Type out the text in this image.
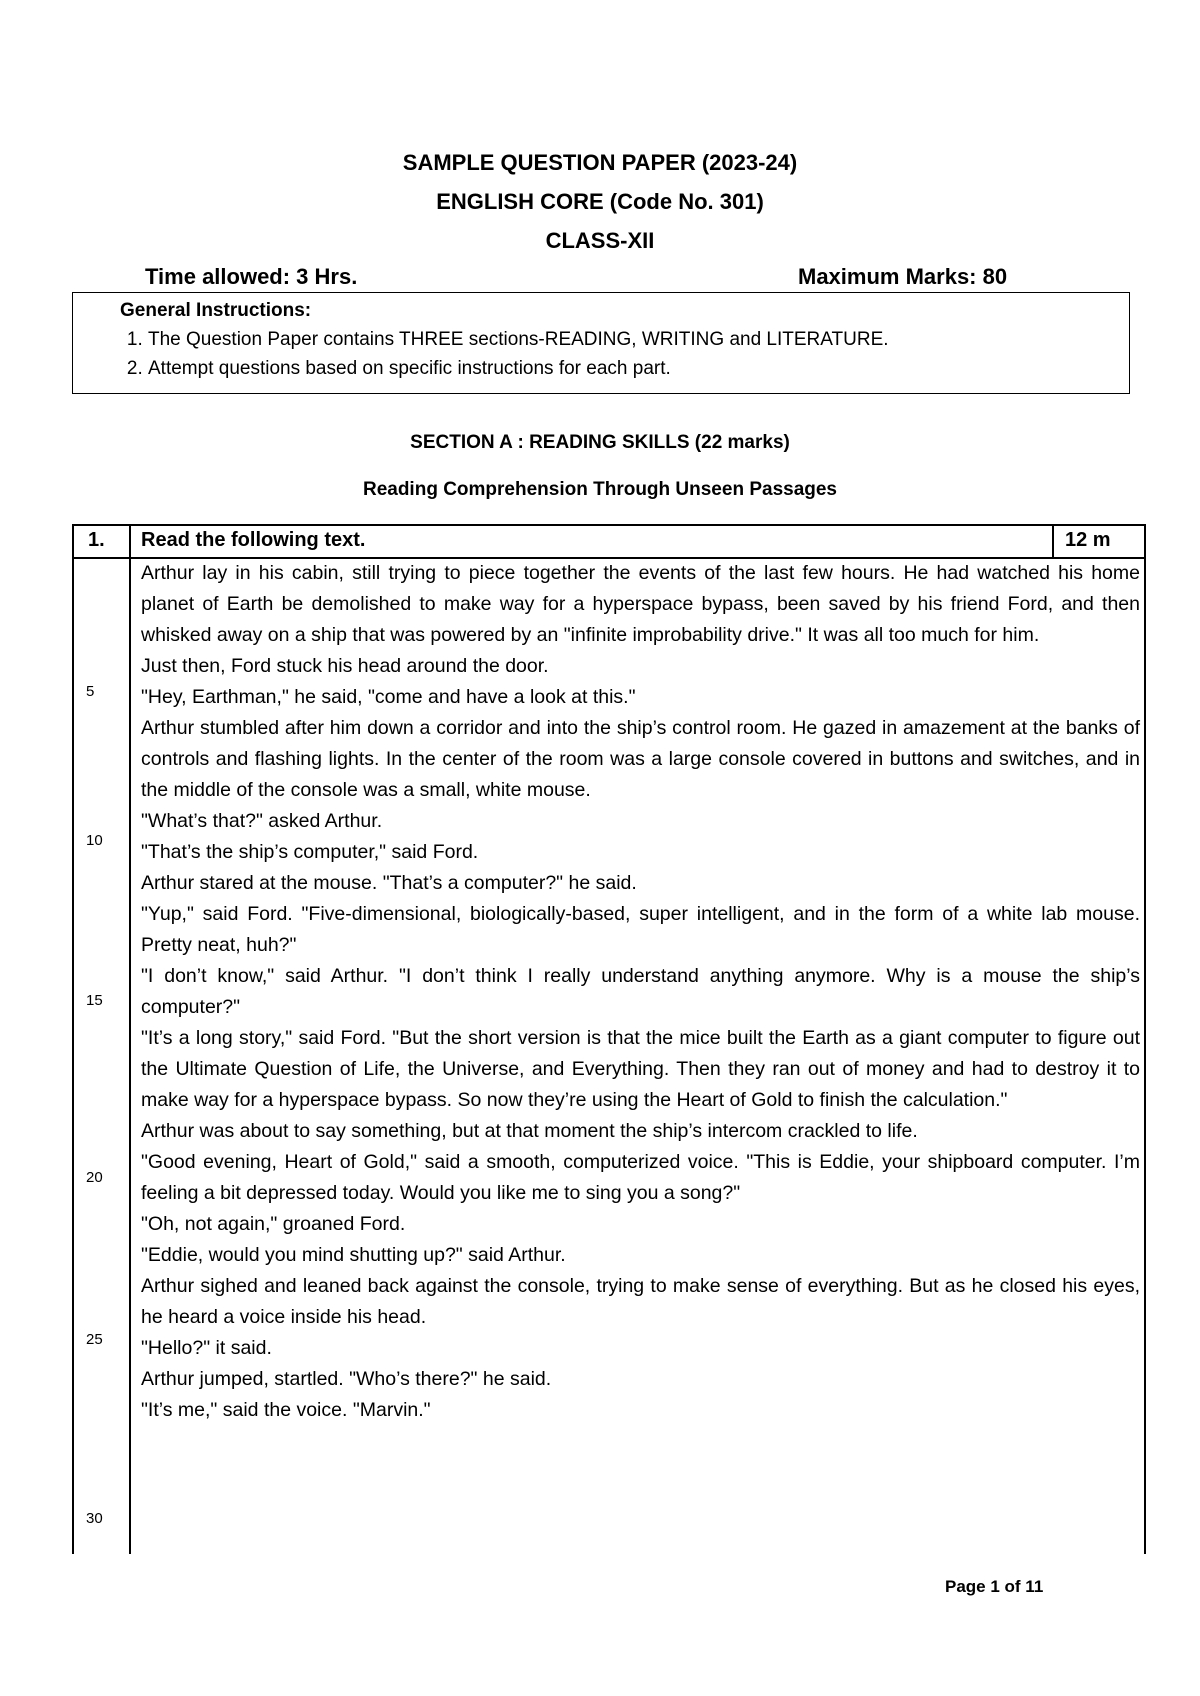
SAMPLE QUESTION PAPER (2023-24)
ENGLISH CORE (Code No. 301)
CLASS-XII
Time allowed: 3 Hrs.	Maximum Marks: 80
General Instructions:
1. The Question Paper contains THREE sections-READING, WRITING and LITERATURE.
2. Attempt questions based on specific instructions for each part.
SECTION A : READING SKILLS (22 marks)
Reading Comprehension Through Unseen Passages
1. Read the following text.	12 m
Arthur lay in his cabin, still trying to piece together the events of the last few hours. He had watched his home planet of Earth be demolished to make way for a hyperspace bypass, been saved by his friend Ford, and then whisked away on a ship that was powered by an "infinite improbability drive." It was all too much for him.
Just then, Ford stuck his head around the door.
"Hey, Earthman," he said, "come and have a look at this."
Arthur stumbled after him down a corridor and into the ship’s control room. He gazed in amazement at the banks of controls and flashing lights. In the center of the room was a large console covered in buttons and switches, and in the middle of the console was a small, white mouse.
"What’s that?" asked Arthur.
"That’s the ship’s computer," said Ford.
Arthur stared at the mouse. "That’s a computer?" he said.
"Yup," said Ford. "Five-dimensional, biologically-based, super intelligent, and in the form of a white lab mouse. Pretty neat, huh?"
"I don’t know," said Arthur. "I don’t think I really understand anything anymore. Why is a mouse the ship’s computer?"
"It’s a long story," said Ford. "But the short version is that the mice built the Earth as a giant computer to figure out the Ultimate Question of Life, the Universe, and Everything. Then they ran out of money and had to destroy it to make way for a hyperspace bypass. So now they’re using the Heart of Gold to finish the calculation."
Arthur was about to say something, but at that moment the ship’s intercom crackled to life.
"Good evening, Heart of Gold," said a smooth, computerized voice. "This is Eddie, your shipboard computer. I’m feeling a bit depressed today. Would you like me to sing you a song?"
"Oh, not again," groaned Ford.
"Eddie, would you mind shutting up?" said Arthur.
Arthur sighed and leaned back against the console, trying to make sense of everything. But as he closed his eyes, he heard a voice inside his head.
"Hello?" it said.
Arthur jumped, startled. "Who’s there?" he said.
"It’s me," said the voice. "Marvin."
5
10
15
20
25
30
Page 1 of 11
